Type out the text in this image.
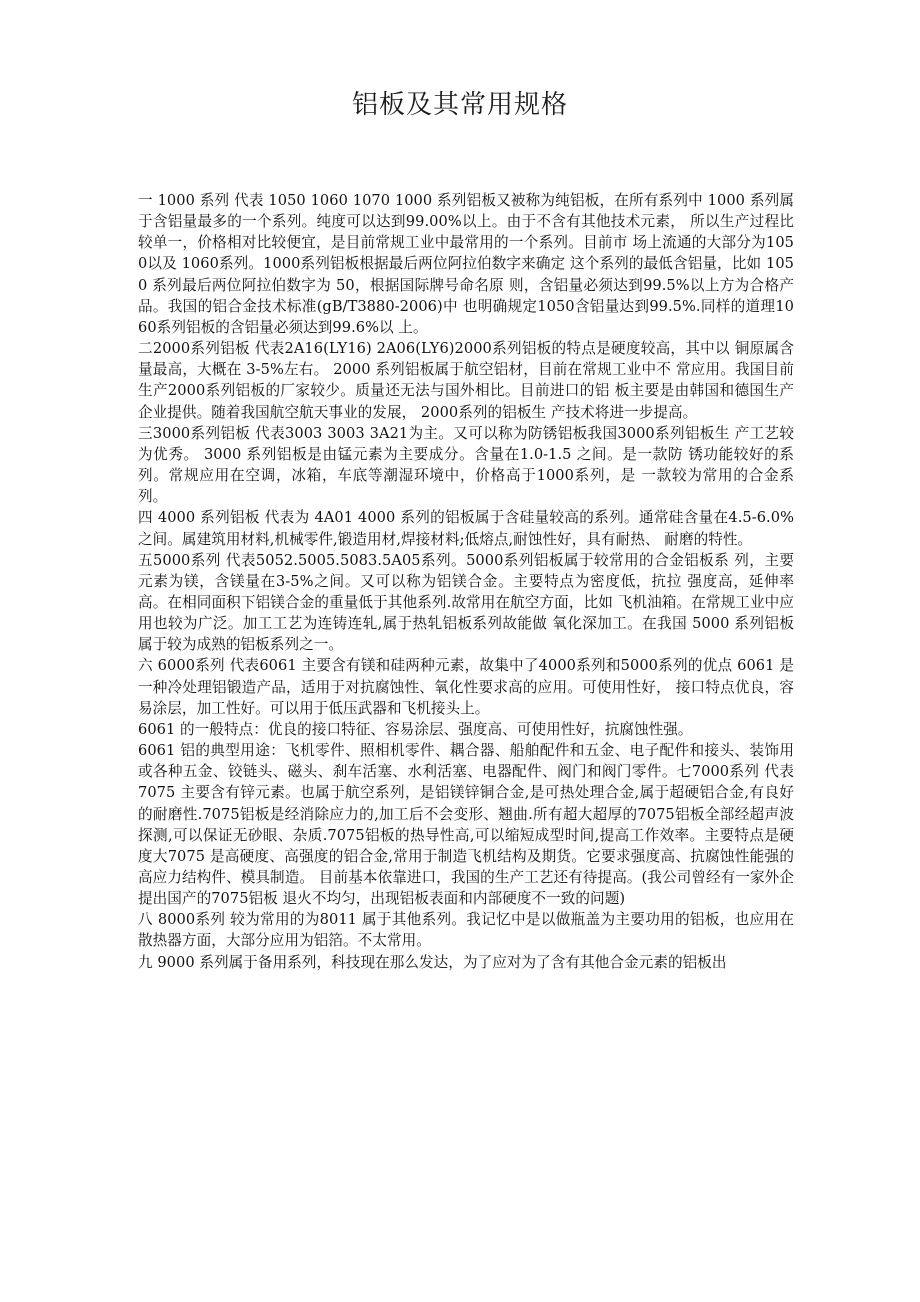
铝板及其常用规格

一 1000 系列 代表 1050 1060 1070 1000 系列铝板又被称为纯铝板，在所有系列中 1000 系列属于含铝量最多的一个系列。纯度可以达到99.00%以上。由于不含有其他技术元素， 所以生产过程比较单一，价格相对比较便宜，是目前常规工业中最常用的一个系列。目前市 场上流通的大部分为1050以及 1060系列。1000系列铝板根据最后两位阿拉伯数字来确定 这个系列的最低含铝量，比如 1050 系列最后两位阿拉伯数字为 50，根据国际牌号命名原 则，含铝量必须达到99.5%以上方为合格产品。我国的铝合金技术标准(gB/T3880-2006)中 也明确规定1050含铝量达到99.5%.同样的道理1060系列铝板的含铝量必须达到99.6%以 上。

二2000系列铝板 代表2A16(LY16) 2A06(LY6)2000系列铝板的特点是硬度较高，其中以 铜原属含量最高，大概在 3-5%左右。 2000 系列铝板属于航空铝材，目前在常规工业中不 常应用。我国目前生产2000系列铝板的厂家较少。质量还无法与国外相比。目前进口的铝 板主要是由韩国和德国生产企业提供。随着我国航空航天事业的发展， 2000系列的铝板生 产技术将进一步提高。

三3000系列铝板 代表3003 3003 3A21为主。又可以称为防锈铝板我国3000系列铝板生 产工艺较为优秀。 3000 系列铝板是由锰元素为主要成分。含量在1.0-1.5 之间。是一款防 锈功能较好的系列。常规应用在空调，冰箱，车底等潮湿环境中，价格高于1000系列，是 一款较为常用的合金系列。

四 4000 系列铝板 代表为 4A01 4000 系列的铝板属于含硅量较高的系列。通常硅含量在4.5-6.0%之间。属建筑用材料,机械零件,锻造用材,焊接材料;低熔点,耐蚀性好，具有耐热、 耐磨的特性。

五5000系列 代表5052.5005.5083.5A05系列。5000系列铝板属于较常用的合金铝板系 列，主要元素为镁，含镁量在3-5%之间。又可以称为铝镁合金。主要特点为密度低，抗拉 强度高，延伸率高。在相同面积下铝镁合金的重量低于其他系列.故常用在航空方面，比如 飞机油箱。在常规工业中应用也较为广泛。加工工艺为连铸连轧,属于热轧铝板系列故能做 氧化深加工。在我国 5000 系列铝板属于较为成熟的铝板系列之一。

六 6000系列 代表6061 主要含有镁和硅两种元素，故集中了4000系列和5000系列的优点 6061 是一种冷处理铝锻造产品，适用于对抗腐蚀性、氧化性要求高的应用。可使用性好， 接口特点优良，容易涂层，加工性好。可以用于低压武器和飞机接头上。

6061 的一般特点：优良的接口特征、容易涂层、强度高、可使用性好，抗腐蚀性强。

6061 铝的典型用途：飞机零件、照相机零件、耦合器、船舶配件和五金、电子配件和接头、装饰用或各种五金、铰链头、磁头、刹车活塞、水利活塞、电器配件、阀门和阀门零件。七7000系列 代表 7075 主要含有锌元素。也属于航空系列，是铝镁锌铜合金,是可热处理合金,属于超硬铝合金,有良好的耐磨性.7075铝板是经消除应力的,加工后不会变形、翘曲.所有超大超厚的7075铝板全部经超声波探测,可以保证无砂眼、杂质.7075铝板的热导性高,可以缩短成型时间,提高工作效率。主要特点是硬度大7075 是高硬度、高强度的铝合金,常用于制造飞机结构及期货。它要求强度高、抗腐蚀性能强的高应力结构件、模具制造。 目前基本依靠进口，我国的生产工艺还有待提高。(我公司曾经有一家外企提出国产的7075铝板 退火不均匀，出现铝板表面和内部硬度不一致的问题)

八 8000系列 较为常用的为8011 属于其他系列。我记忆中是以做瓶盖为主要功用的铝板，也应用在散热器方面，大部分应用为铝箔。不太常用。

九 9000 系列属于备用系列，科技现在那么发达，为了应对为了含有其他合金元素的铝板出
